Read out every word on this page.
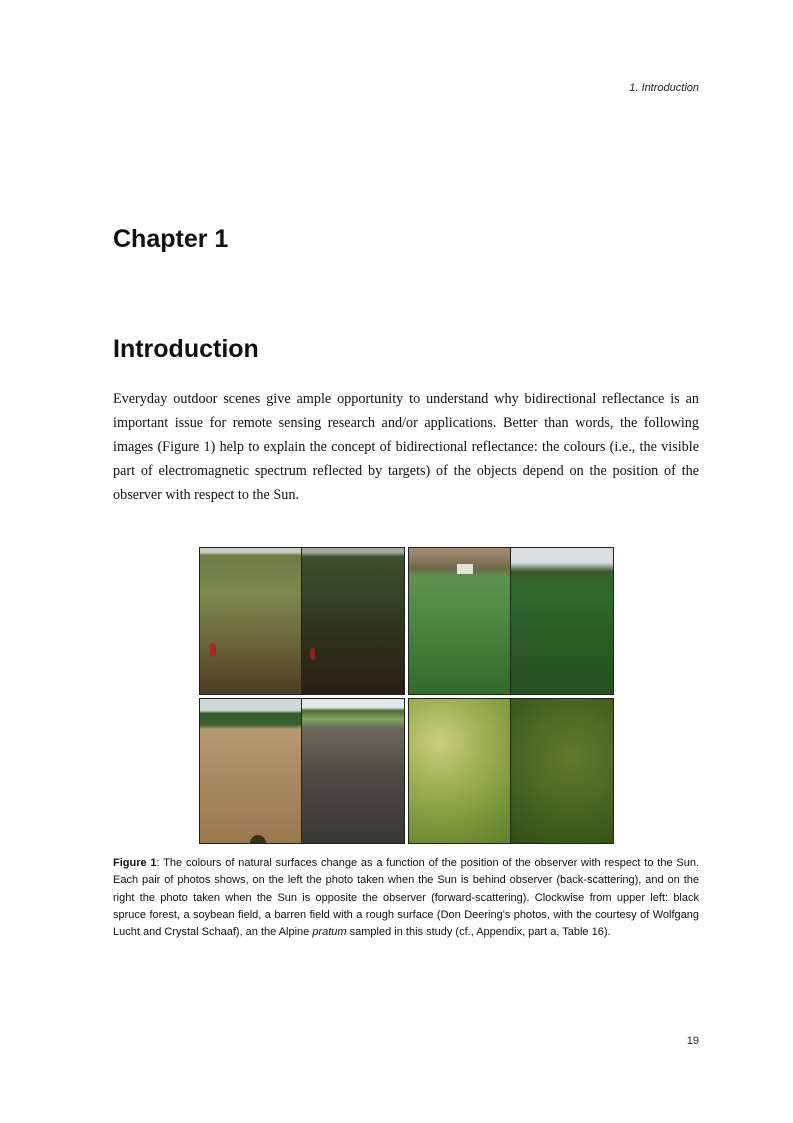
1. Introduction
Chapter 1
Introduction

Everyday outdoor scenes give ample opportunity to understand why bidirectional reflectance is an important issue for remote sensing research and/or applications. Better than words, the following images (Figure 1) help to explain the concept of bidirectional reflectance: the colours (i.e., the visible part of electromagnetic spectrum reflected by targets) of the objects depend on the position of the observer with respect to the Sun.

Figure 1: The colours of natural surfaces change as a function of the position of the observer with respect to the Sun. Each pair of photos shows, on the left the photo taken when the Sun is behind observer (back-scattering), and on the right the photo taken when the Sun is opposite the observer (forward-scattering). Clockwise from upper left: black spruce forest, a soybean field, a barren field with a rough surface (Don Deering's photos, with the courtesy of Wolfgang Lucht and Crystal Schaaf), an the Alpine pratum sampled in this study (cf., Appendix, part a, Table 16).

19
